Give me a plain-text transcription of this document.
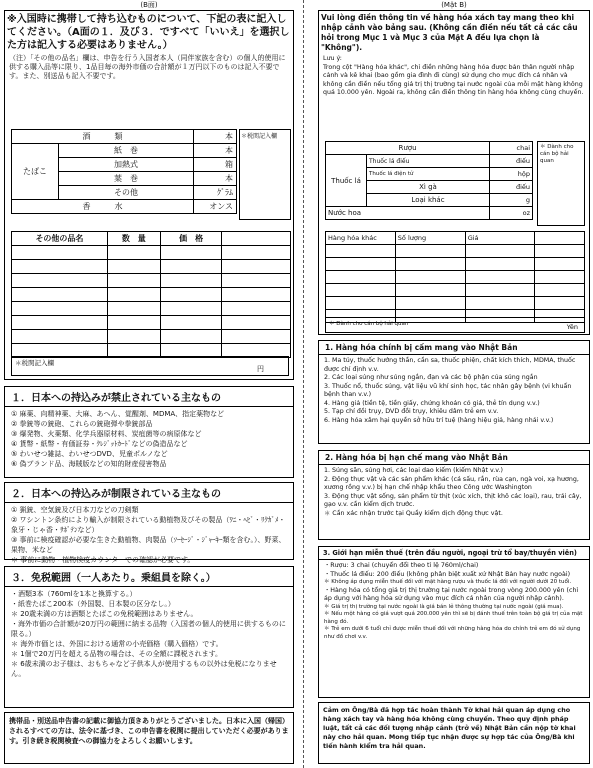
(B面)
※入国時に携帯して持ち込むものについて、下記の表に記入してください。（A面の１．及び３．ですべて「いいえ」を選択した方は記入する必要はありません。）
（注）「その他の品名」欄は、申告を行う入国者本人（同伴家族を含む）の個人的使用に供する購入品等に限り、1品目毎の海外市価の合計額が１万円以下のものは記入不要です。また、別送品も記入不要です。
酒　　　類		本
たばこ	紙　巻	本
	加熱式	箱
	葉　巻	本
	その他	ｸﾞﾗﾑ
香　　　水		オンス
＊税関記入欄
その他の品名	数　量	価　格	

＊税関記入欄
円
１．日本への持込みが禁止されている主なもの
① 麻薬、向精神薬、大麻、あへん、覚醒剤、MDMA、指定薬物など
② 拳銃等の銃砲、これらの銃砲弾や拳銃部品
③ 爆発物、火薬類、化学兵器原材料、炭疽菌等の病原体など
④ 貨幣・紙幣・有価証券・ｸﾚｼﾞｯﾄｶｰﾄﾞなどの偽造品など
⑤ わいせつ雑誌、わいせつDVD、児童ポルノなど
⑥ 偽ブランド品、海賊版などの知的財産侵害物品
２．日本への持込みが制限されている主なもの
① 猟銃、空気銃及び日本刀などの刀剣類
② ワシントン条約により輸入が制限されている動植物及びその製品（ﾜﾆ・ﾍﾋﾞ・ﾘｸｶﾞﾒ・象牙・じゃ香・ｻﾎﾞﾃﾝなど）
③ 事前に検疫確認が必要な生きた動植物、肉製品（ｿｰｾｰｼﾞ・ｼﾞｬｰｷｰ類を含む。）、野菜、果物、米など
＊ 事前に動物・植物検疫カウンターでの確認が必要です。
３．免税範囲（一人あたり。乗組員を除く。）
・酒類3本（760mlを1本と換算する。）
・紙巻たばこ200本（外国製、日本製の区分なし。）
＊ 20歳未満の方は酒類とたばこの免税範囲はありません。
・海外市価の合計額が20万円の範囲に納まる品物（入国者の個人的使用に供するものに限る。）
＊ 海外市価とは、外国における通常の小売価格（購入価格）です。
＊ 1個で20万円を超える品物の場合は、その全額に課税されます。
＊ 6歳未満のお子様は、おもちゃなど子供本人が使用するもの以外は免税になりません。
携帯品・別送品申告書の記載に御協力頂きありがとうございました。日本に入国（帰国）されるすべての方は、法令に基づき、この申告書を税関に提出していただく必要があります。引き続き税関検査への御協力をよろしくお願いします。
(Mặt B)
Vui lòng điền thông tin về hàng hóa xách tay mang theo khi nhập cảnh vào bảng sau. (Không cần điền nếu tất cả các câu hỏi trong Mục 1 và Mục 3 của Mặt A đều lựa chọn là "Không").
Lưu ý:
Trong cột "Hàng hóa khác", chỉ điền những hàng hóa được bản thân người nhập cảnh và kê khai (bao gồm gia đình đi cùng) sử dụng cho mục đích cá nhân và không cần điền nếu tổng giá trị thị trường tại nước ngoài của mỗi mặt hàng không quá 10.000 yên. Ngoài ra, không cần điền thông tin hàng hóa không cùng chuyến.
Rượu		chai
Thuốc lá	Thuốc lá điếu	điếu
	Thuốc lá điện tử	hộp
	Xì gà	điếu
	Loại khác	g
Nước hoa		oz
＊ Dành cho cán bộ hải quan
Hàng hóa khác	Số lượng	Giá	

＊ Dành cho cán bộ hải quan	Yên
1. Hàng hóa chính bị cấm mang vào Nhật Bản
1. Ma túy, thuốc hướng thần, cần sa, thuốc phiện, chất kích thích, MDMA, thuốc được chỉ định v.v.
2. Các loại súng như súng ngắn, đạn và các bộ phận của súng ngắn
3. Thuốc nổ, thuốc súng, vật liệu vũ khí sinh học, tác nhân gây bệnh (vi khuẩn bệnh than v.v.)
4. Hàng giả (tiền tệ, tiền giấy, chứng khoán có giá, thẻ tín dụng v.v.)
5. Tạp chí đồi trụy, DVD đồi trụy, khiêu dâm trẻ em v.v.
6. Hàng hóa xâm hại quyền sở hữu trí tuệ (hàng hiệu giả, hàng nhái v.v.)
2. Hàng hóa bị hạn chế mang vào Nhật Bản
1. Súng săn, súng hơi, các loại dao kiếm (kiếm Nhật v.v.)
2. Động thực vật và các sản phẩm khác (cá sấu, rắn, rùa cạn, ngà voi, xạ hương, xương rồng v.v.) bị hạn chế nhập khẩu theo Công ước Washington
3. Động thực vật sống, sản phẩm từ thịt (xúc xích, thịt khô các loại), rau, trái cây, gạo v.v. cần kiểm dịch trước.
＊ Cần xác nhận trước tại Quầy kiểm dịch động thực vật.
3. Giới hạn miễn thuế (trên đầu người, ngoại trừ tổ bay/thuyền viên)
・Rượu: 3 chai (chuyển đổi theo tỉ lệ 760ml/chai)
・Thuốc lá điếu: 200 điếu (không phân biệt xuất xứ Nhật Bản hay nước ngoài)
＊ Không áp dụng miễn thuế đối với mặt hàng rượu và thuốc lá đối với người dưới 20 tuổi.
・Hàng hóa có tổng giá trị thị trường tại nước ngoài trong vòng 200.000 yên (chỉ áp dụng với hàng hóa sử dụng vào mục đích cá nhân của người nhập cảnh).
＊ Giá trị thị trường tại nước ngoài là giá bán lẻ thông thường tại nước ngoài (giá mua).
＊ Nếu một hàng có giá vượt quá 200.000 yên thì sẽ bị đánh thuế trên toàn bộ giá trị của mặt hàng đó.
＊ Trẻ em dưới 6 tuổi chỉ được miễn thuế đối với những hàng hóa do chính trẻ em đó sử dụng như đồ chơi v.v.
Cảm ơn Ông/Bà đã hợp tác hoàn thành Tờ khai hải quan áp dụng cho hàng xách tay và hàng hóa không cùng chuyến. Theo quy định pháp luật, tất cả các đối tượng nhập cảnh (trở về) Nhật Bản cần nộp tờ khai này cho hải quan. Mong tiếp tục nhận được sự hợp tác của Ông/Bà khi tiến hành kiểm tra hải quan.
